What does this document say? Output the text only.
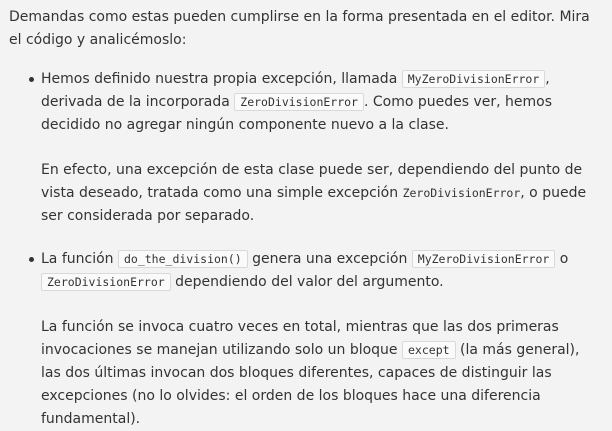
Demandas como estas pueden cumplirse en la forma presentada en el editor. Mira el código y analicémoslo:

Hemos definido nuestra propia excepción, llamada MyZeroDivisionError , derivada de la incorporada ZeroDivisionError . Como puedes ver, hemos decidido no agregar ningún componente nuevo a la clase.

En efecto, una excepción de esta clase puede ser, dependiendo del punto de vista deseado, tratada como una simple excepción ZeroDivisionError, o puede ser considerada por separado.

La función do_the_division() genera una excepción MyZeroDivisionError o ZeroDivisionError dependiendo del valor del argumento.

La función se invoca cuatro veces en total, mientras que las dos primeras invocaciones se manejan utilizando solo un bloque except (la más general), las dos últimas invocan dos bloques diferentes, capaces de distinguir las excepciones (no lo olvides: el orden de los bloques hace una diferencia fundamental).
